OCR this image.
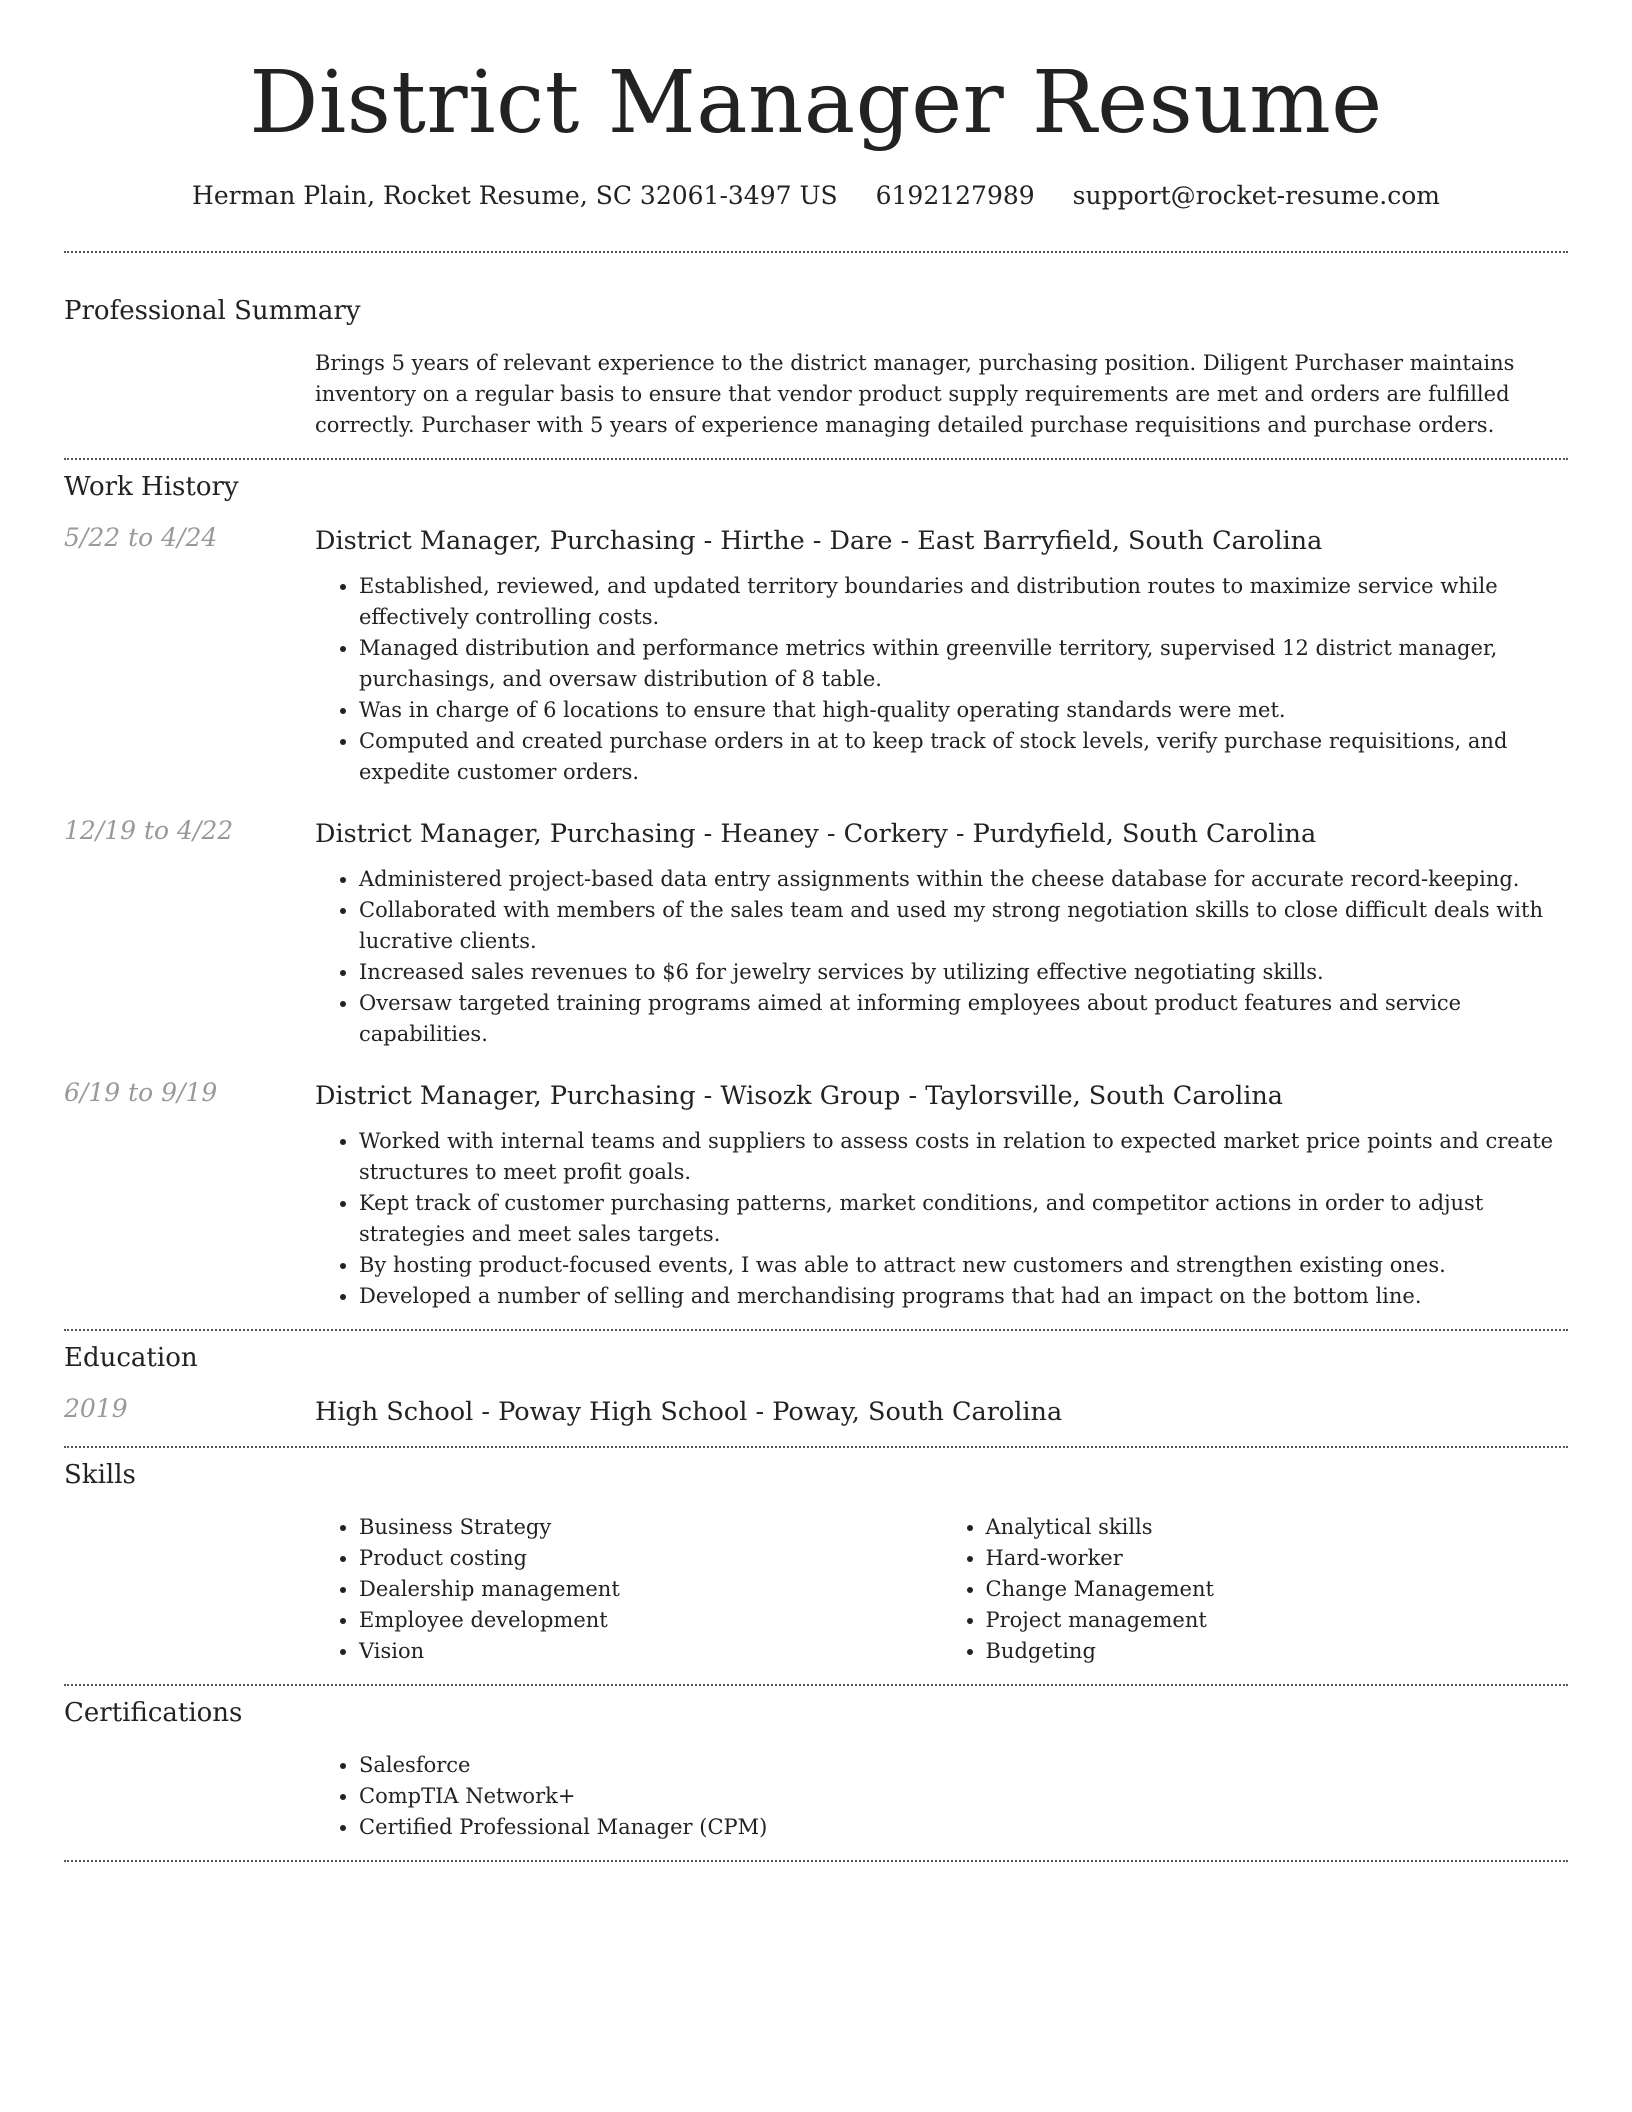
District Manager Resume
Herman Plain, Rocket Resume, SC 32061-3497 US 6192127989 support@rocket-resume.com
Professional Summary

Brings 5 years of relevant experience to the district manager, purchasing position. Diligent Purchaser maintains inventory on a regular basis to ensure that vendor product supply requirements are met and orders are fulfilled correctly. Purchaser with 5 years of experience managing detailed purchase requisitions and purchase orders.

Work History
5/22 to 4/24	District Manager, Purchasing - Hirthe - Dare - East Barryfield, South Carolina
• Established, reviewed, and updated territory boundaries and distribution routes to maximize service while effectively controlling costs.
• Managed distribution and performance metrics within greenville territory, supervised 12 district manager, purchasings, and oversaw distribution of 8 table.
• Was in charge of 6 locations to ensure that high-quality operating standards were met.
• Computed and created purchase orders in at to keep track of stock levels, verify purchase requisitions, and expedite customer orders.
12/19 to 4/22	District Manager, Purchasing - Heaney - Corkery - Purdyfield, South Carolina
• Administered project-based data entry assignments within the cheese database for accurate record-keeping.
• Collaborated with members of the sales team and used my strong negotiation skills to close difficult deals with lucrative clients.
• Increased sales revenues to $6 for jewelry services by utilizing effective negotiating skills.
• Oversaw targeted training programs aimed at informing employees about product features and service capabilities.
6/19 to 9/19	District Manager, Purchasing - Wisozk Group - Taylorsville, South Carolina
• Worked with internal teams and suppliers to assess costs in relation to expected market price points and create structures to meet profit goals.
• Kept track of customer purchasing patterns, market conditions, and competitor actions in order to adjust strategies and meet sales targets.
• By hosting product-focused events, I was able to attract new customers and strengthen existing ones.
• Developed a number of selling and merchandising programs that had an impact on the bottom line.
Education
2019	High School - Poway High School - Poway, South Carolina
Skills
• Business Strategy
• Product costing
• Dealership management
• Employee development
• Vision
• Analytical skills
• Hard-worker
• Change Management
• Project management
• Budgeting
Certifications
• Salesforce
• CompTIA Network+
• Certified Professional Manager (CPM)
